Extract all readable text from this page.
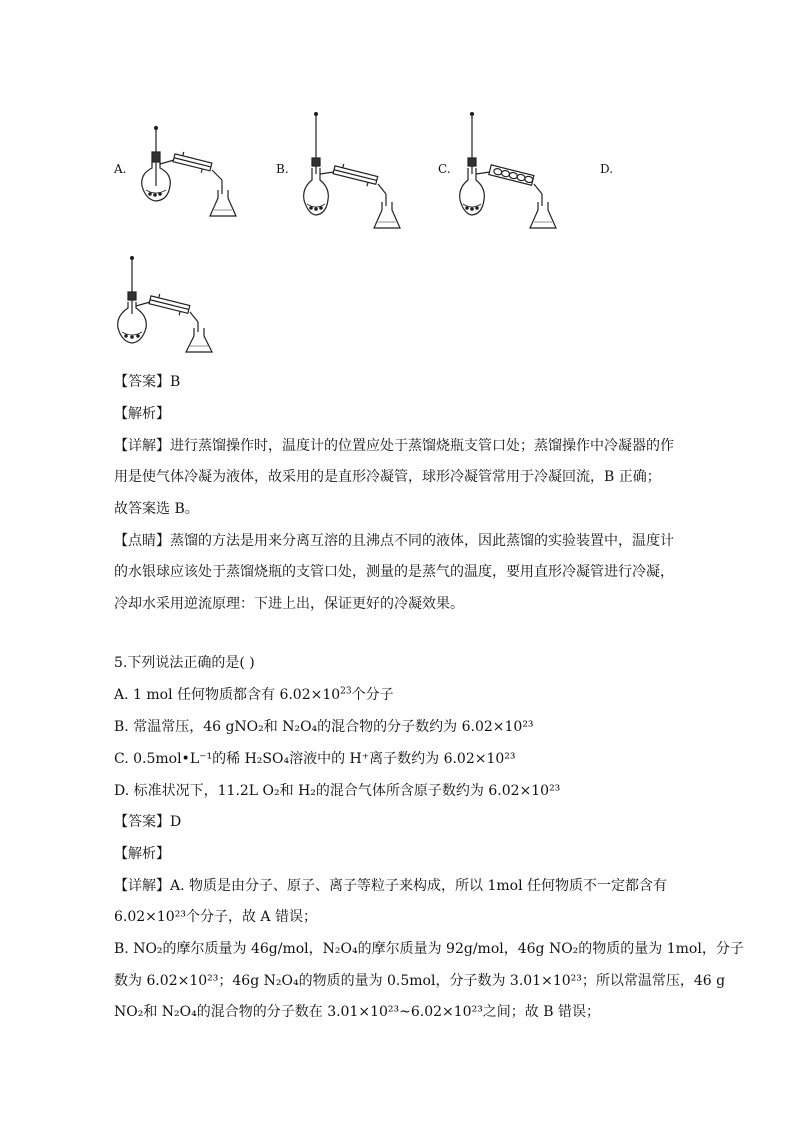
A.	B.	C.	D.
【答案】B
【解析】
【详解】进行蒸馏操作时，温度计的位置应处于蒸馏烧瓶支管口处；蒸馏操作中冷凝器的作
用是使气体冷凝为液体，故采用的是直形冷凝管，球形冷凝管常用于冷凝回流，B 正确；
故答案选 B。
【点睛】蒸馏的方法是用来分离互溶的且沸点不同的液体，因此蒸馏的实验装置中，温度计
的水银球应该处于蒸馏烧瓶的支管口处，测量的是蒸气的温度，要用直形冷凝管进行冷凝，
冷却水采用逆流原理：下进上出，保证更好的冷凝效果。
5.下列说法正确的是( )
A. 1 mol 任何物质都含有 $6.02\times 10^{23}$个分子
B. 常温常压，46 gNO₂和 N₂O₄的混合物的分子数约为 6.02×10²³
C. 0.5mol•L⁻¹的稀 H₂SO₄溶液中的 H⁺离子数约为 6.02×10²³
D. 标准状况下，11.2L O₂和 H₂的混合气体所含原子数约为 6.02×10²³
【答案】D
【解析】
【详解】A. 物质是由分子、原子、离子等粒子来构成，所以 1mol 任何物质不一定都含有
6.02×10²³个分子，故 A 错误；
B. NO₂的摩尔质量为 46g/mol，N₂O₄的摩尔质量为 92g/mol，46g NO₂的物质的量为 1mol，分子
数为 6.02×10²³；46g N₂O₄的物质的量为 0.5mol，分子数为 3.01×10²³；所以常温常压，46 g
NO₂和 N₂O₄的混合物的分子数在 3.01×10²³~6.02×10²³之间；故 B 错误；
